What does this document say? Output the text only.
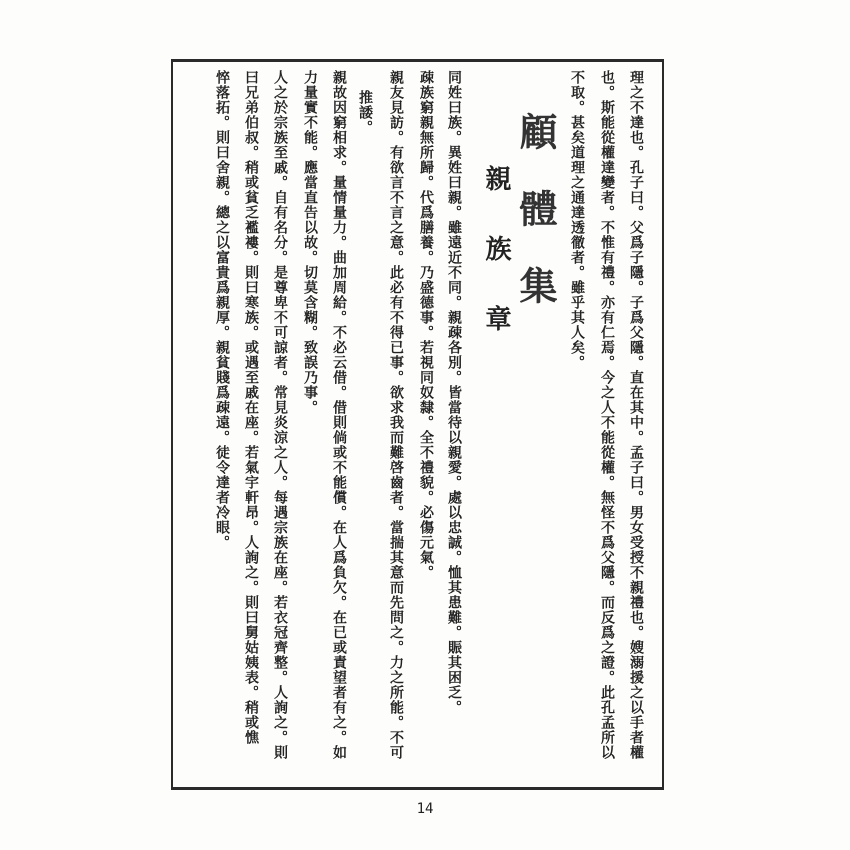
理之不達也。孔子曰。父爲子隱。子爲父隱。直在其中。孟子曰。男女受授不親禮也。嫂溺援之以手者權
也。斯能從權達變者。不惟有禮。亦有仁焉。今之人不能從權。無怪不爲父隱。而反爲之證。此孔孟所以
不取。甚矣道理之通達透徹者。雖乎其人矣。
顧體集
親族章
同姓曰族。異姓曰親。雖遠近不同。親疎各別。皆當待以親愛。處以忠誠。恤其患難。賑其困乏。
疎族窮親無所歸。代爲膳養。乃盛德事。若視同奴隸。全不禮貌。必傷元氣。
親友見訪。有欲言不言之意。此必有不得已事。欲求我而難啓齒者。當揣其意而先問之。力之所能。不可
推諉。
親故因窮相求。量情量力。曲加周給。不必云借。借則倘或不能償。在人爲負欠。在已或責望者有之。如
力量實不能。應當直告以故。切莫含糊。致誤乃事。
人之於宗族至戚。自有名分。是尊卑不可諒者。常見炎涼之人。每遇宗族在座。若衣冠齊整。人詢之。則
曰兄弟伯叔。稍或貧乏襤褸。則曰寒族。或遇至戚在座。若氣宇軒昂。人詢之。則曰舅姑姨表。稍或憔
悴落拓。則曰舍親。總之以富貴爲親厚。親貧賤爲疎遠。徒令達者冷眼。
14
